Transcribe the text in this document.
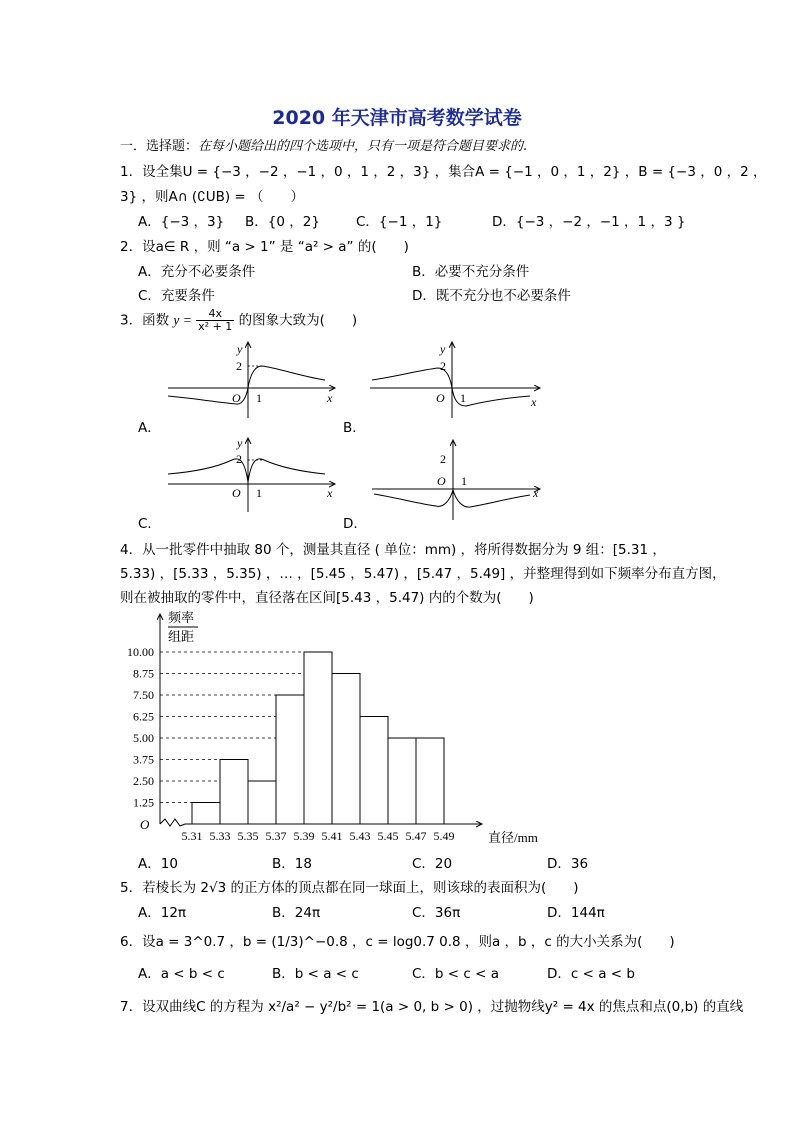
2020 年天津市高考数学试卷
一．选择题：在每小题给出的四个选项中，只有一项是符合题目要求的.
1．设全集U = {−3 ，−2 ，−1 ，0 ，1 ，2 ，3} ，集合A = {−1 ，0 ，1 ，2} ，B = {−3 ，0 ，2 ，
3} ，则A∩ (∁UB) = （　　）
A．{−3 ，3} B．{0 ，2}	C．{−1 ，1}	D．{−3 ，−2 ，−1 ，1 ，3 }
2．设a∈ R ，则 “a > 1” 是 “a² > a” 的(　　)
A．充分不必要条件	B．必要不充分条件
C．充要条件	D．既不充分也不必要条件
3．函数 $y = \frac{4x}{\text{x² + 1}}$ 的图象大致为(　　)
y
2
O 1	x
y
2
O 1	x
y
2
O 1	x
2
O 1
x
A．	B．
C．	D．
4．从一批零件中抽取 80 个，测量其直径 ( 单位：mm) ，将所得数据分为 9 组：[5.31 ，
5.33) ，[5.33 ，5.35) ，… ，[5.45 ，5.47) ，[5.47 ，5.49] ，并整理得到如下频率分布直方图，
则在被抽取的零件中，直径落在区间[5.43 ，5.47) 内的个数为(　　)
O
频率
组距
直径/mm
1.25
2.50
3.75
5.00
6.25
7.50
8.75
10.00
5.31 5.33 5.35 5.37 5.39 5.41 5.43 5.45 5.47 5.49
A．10	B．18	C．20	D．36
5．若棱长为 2√3 的正方体的顶点都在同一球面上，则该球的表面积为(　　)
A．12π	B．24π	C．36π	D．144π
6．设a = 3^0.7 ，b = (1/3)^−0.8 ，c = log0.7 0.8 ，则a ，b ，c 的大小关系为(　　)
A．a < b < c	B．b < a < c	C．b < c < a	D．c < a < b
7．设双曲线C 的方程为 x²/a² − y²/b² = 1(a > 0, b > 0) ，过抛物线y² = 4x 的焦点和点(0,b) 的直线
